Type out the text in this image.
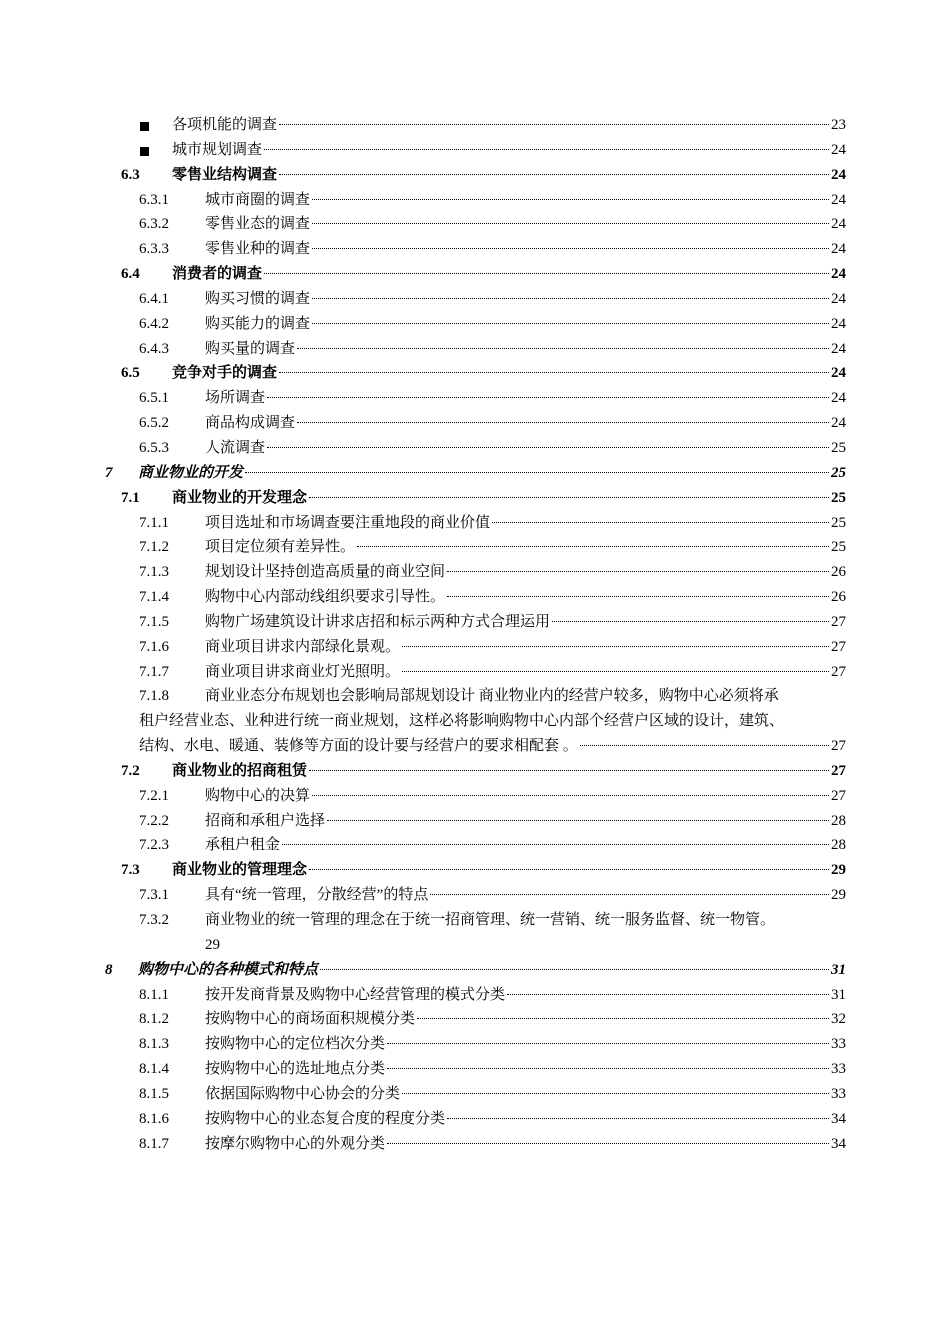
各项机能的调查	23
城市规划调查	24
6.3 零售业结构调查	24
6.3.1 城市商圈的调查	24
6.3.2 零售业态的调查	24
6.3.3 零售业种的调查	24
6.4 消费者的调查	24
6.4.1 购买习惯的调查	24
6.4.2 购买能力的调查	24
6.4.3 购买量的调查	24
6.5 竞争对手的调查	24
6.5.1 场所调查	24
6.5.2 商品构成调查	24
6.5.3 人流调查	25
7 商业物业的开发	25
7.1 商业物业的开发理念	25
7.1.1 项目选址和市场调查要注重地段的商业价值	25
7.1.2 项目定位须有差异性。	25
7.1.3 规划设计坚持创造高质量的商业空间	26
7.1.4 购物中心内部动线组织要求引导性。	26
7.1.5 购物广场建筑设计讲求店招和标示两种方式合理运用	27
7.1.6 商业项目讲求内部绿化景观。	27
7.1.7 商业项目讲求商业灯光照明。	27
7.1.8	商业业态分布规划也会影响局部规划设计 商业物业内的经营户较多，购物中心必须将承
租户经营业态、业种进行统一商业规划，这样必将影响购物中心内部个经营户区域的设计，建筑、
结构、水电、暖通、装修等方面的设计要与经营户的要求相配套 。	27
7.2 商业物业的招商租赁	27
7.2.1 购物中心的决算	27
7.2.2 招商和承租户选择	28
7.2.3 承租户租金	28
7.3 商业物业的管理理念	29
7.3.1 具有“统一管理，分散经营”的特点	29
7.3.2 商业物业的统一管理的理念在于统一招商管理、统一营销、统一服务监督、统一物管。
29
8 购物中心的各种模式和特点	31
8.1.1 按开发商背景及购物中心经营管理的模式分类	31
8.1.2 按购物中心的商场面积规模分类	32
8.1.3 按购物中心的定位档次分类	33
8.1.4 按购物中心的选址地点分类	33
8.1.5 依据国际购物中心协会的分类	33
8.1.6 按购物中心的业态复合度的程度分类	34
8.1.7 按摩尔购物中心的外观分类	34
